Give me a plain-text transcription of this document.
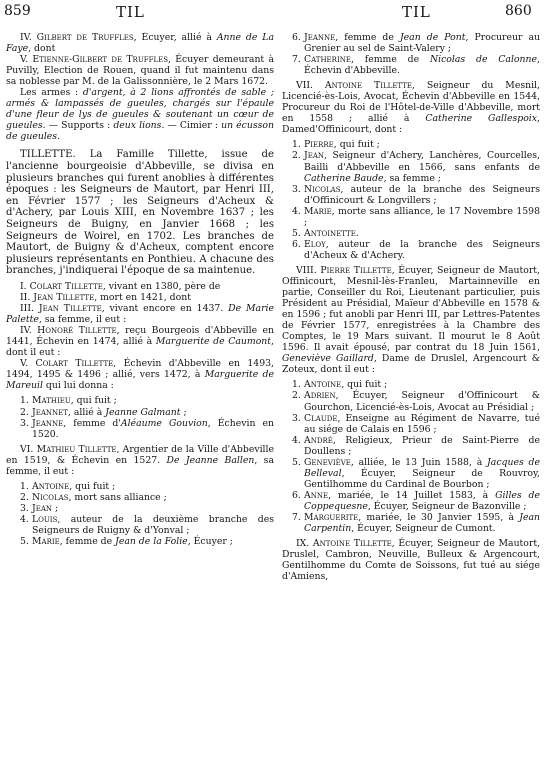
859	TIL	TIL	860

IV. Gilbert de Truffles, Écuyer, allié à Anne de La Faye, dont

V. Etienne-Gilbert de Truffles, Écuyer demeurant à Puvilly, Election de Rouen, quand il fut maintenu dans sa noblesse par M. de la Galissonnière, le 2 Mars 1672.

Les armes : d'argent, à 2 lions affrontés de sable ; armés & lampassés de gueules, chargés sur l'épaule d'une fleur de lys de gueules & soutenant un cœur de gueules. — Supports : deux lions. — Cimier : un écusson de gueules.

TILLETTE. La Famille Tillette, issue de l'ancienne bourgeoisie d'Abbeville, se divisa en plusieurs branches qui furent anoblies à différentes époques : les Seigneurs de Mautort, par Henri III, en Février 1577 ; les Seigneurs d'Acheux & d'Achery, par Louis XIII, en Novembre 1637 ; les Seigneurs de Buigny, en Janvier 1668 ; les Seigneurs de Woirel, en 1702. Les branches de Mautort, de Buigny & d'Acheux, comptent encore plusieurs représentants en Ponthieu. A chacune des branches, j'indiquerai l'époque de sa maintenue.

I. Colart Tillette, vivant en 1380, père de

II. Jean Tillette, mort en 1421, dont

III. Jean Tillette, vivant encore en 1437. De Marie Palette, sa femme, il eut :

IV. Honoré Tillette, reçu Bourgeois d'Abbeville en 1441, Échevin en 1474, allié à Marguerite de Caumont, dont il eut :

V. Colart Tillette, Échevin d'Abbeville en 1493, 1494, 1495 & 1496 ; allié, vers 1472, à Marguerite de Mareuil qui lui donna :

1. Mathieu, qui fuit ;
2. Jeannet, allié à Jeanne Galmant ;
3. Jeanne, femme d'Aléaume Gouvion, Échevin en 1520.

VI. Mathieu Tillette, Argentier de la Ville d'Abbeville en 1519, & Échevin en 1527. De Jeanne Ballen, sa femme, il eut :

1. Antoine, qui fuit ;
2. Nicolas, mort sans alliance ;
3. Jean ;
4. Louis, auteur de la deuxième branche des Seigneurs de Ruigny & d'Yonval ;
5. Marie, femme de Jean de la Folie, Écuyer ;
6. Jeanne, femme de Jean de Pont, Procureur au Grenier au sel de Saint-Valery ;
7. Catherine, femme de Nicolas de Calonne, Échevin d'Abbeville.

VII. Antoine Tillette, Seigneur du Mesnil, Licencié-ès-Lois, Avocat, Échevin d'Abbeville en 1544, Procureur du Roi de l'Hôtel-de-Ville d'Abbeville, mort en 1558 ; allié à Catherine Gallespoix, Damed'Offinicourt, dont :

1. Pierre, qui fuit ;
2. Jean, Seigneur d'Achery, Lanchères, Courcelles, Bailli d'Abbeville en 1566, sans enfants de Catherine Baude, sa femme ;
3. Nicolas, auteur de la branche des Seigneurs d'Offinicourt & Longvillers ;
4. Marie, morte sans alliance, le 17 Novembre 1598 ;
5. Antoinette.
6. Eloy, auteur de la branche des Seigneurs d'Acheux & d'Achery.

VIII. Pierre Tillette, Écuyer, Seigneur de Mautort, Offinicourt, Mesnil-lès-Franleu, Martainneville en partie, Conseiller du Roi, Lieutenant particulier, puis Président au Présidial, Maïeur d'Abbeville en 1578 & en 1596 ; fut anobli par Henri III, par Lettres-Patentes de Février 1577, enregistrées à la Chambre des Comptes, le 19 Mars suivant. Il mourut le 8 Août 1596. Il avait épousé, par contrat du 18 Juin 1561, Geneviève Gaillard, Dame de Druslel, Argencourt & Zoteux, dont il eut :

1. Antoine, qui fuit ;
2. Adrien, Écuyer, Seigneur d'Offinicourt & Gourchon, Licencié-ès-Lois, Avocat au Présidial ;
3. Claude, Enseigne au Régiment de Navarre, tué au siége de Calais en 1596 ;
4. André, Religieux, Prieur de Saint-Pierre de Doullens ;
5. Geneviève, alliée, le 13 Juin 1588, à Jacques de Belleval, Écuyer, Seigneur de Rouvroy, Gentilhomme du Cardinal de Bourbon ;
6. Anne, mariée, le 14 Juillet 1583, à Gilles de Coppequesne, Écuyer, Seigneur de Bazonville ;
7. Marguerite, mariée, le 30 Janvier 1595, à Jean Carpentin, Écuyer, Seigneur de Cumont.

IX. Antoine Tillette, Écuyer, Seigneur de Mautort, Druslel, Cambron, Neuville, Bulleux & Argencourt, Gentilhomme du Comte de Soissons, fut tué au siége d'Amiens,
